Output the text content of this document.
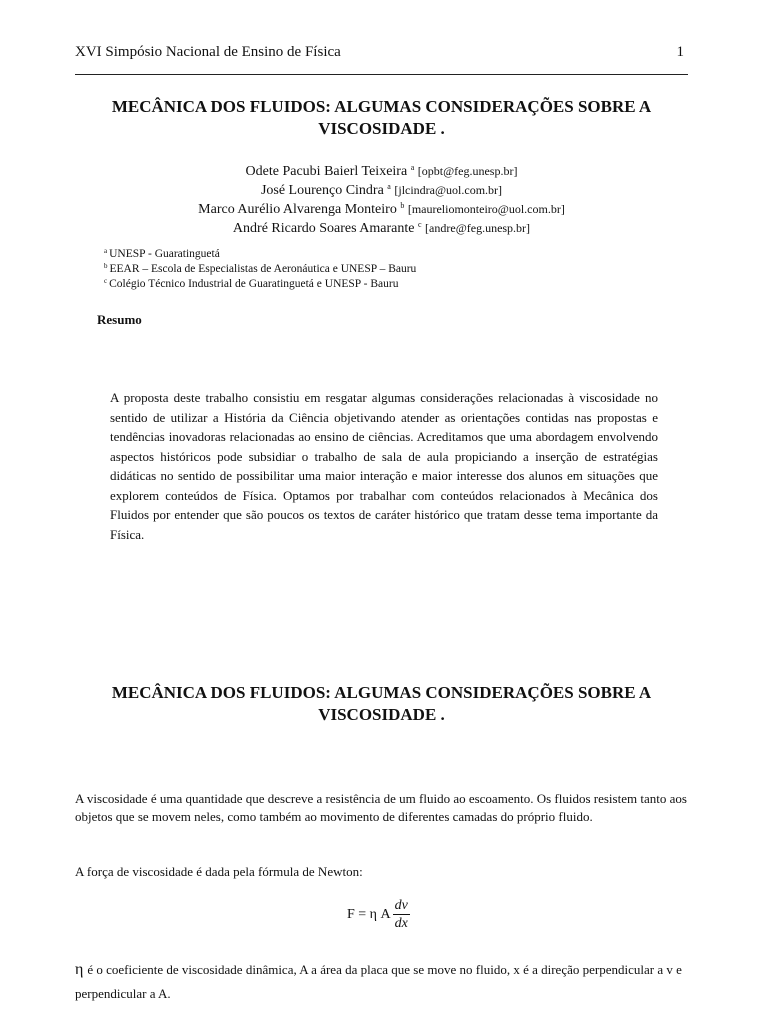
XVI Simpósio Nacional de Ensino de Física	1
MECÂNICA DOS FLUIDOS: ALGUMAS CONSIDERAÇÕES SOBRE A VISCOSIDADE .
Odete Pacubi Baierl Teixeira $^a$ [opbt@feg.unesp.br]
José Lourenço Cindra $^a$ [jlcindra@uol.com.br]
Marco Aurélio Alvarenga Monteiro $^b$ [maureliomonteiro@uol.com.br]
André Ricardo Soares Amarante $^c$ [andre@feg.unesp.br]
$^a$ UNESP - Guaratinguetá
$^b$ EEAR – Escola de Especialistas de Aeronáutica e UNESP – Bauru
$^c$ Colégio Técnico Industrial de Guaratinguetá e UNESP - Bauru
Resumo

A proposta deste trabalho consistiu em resgatar algumas considerações relacionadas à viscosidade no sentido de utilizar a História da Ciência objetivando atender as orientações contidas nas propostas e tendências inovadoras relacionadas ao ensino de ciências. Acreditamos que uma abordagem envolvendo aspectos históricos pode subsidiar o trabalho de sala de aula propiciando a inserção de estratégias didáticas no sentido de possibilitar uma maior interação e maior interesse dos alunos em situações que explorem conteúdos de Física. Optamos por trabalhar com conteúdos relacionados à Mecânica dos Fluidos por entender que são poucos os textos de caráter histórico que tratam desse tema importante da Física.

MECÂNICA DOS FLUIDOS: ALGUMAS CONSIDERAÇÕES SOBRE A VISCOSIDADE .

A viscosidade é uma quantidade que descreve a resistência de um fluido ao escoamento. Os fluidos resistem tanto aos objetos que se movem neles, como também ao movimento de diferentes camadas do próprio fluido.

A força de viscosidade é dada pela fórmula de Newton:

F = η A $\frac{dv}{dx}$

η é o coeficiente de viscosidade dinâmica, A a área da placa que se move no fluido, x é a direção perpendicular a v e perpendicular a A.
